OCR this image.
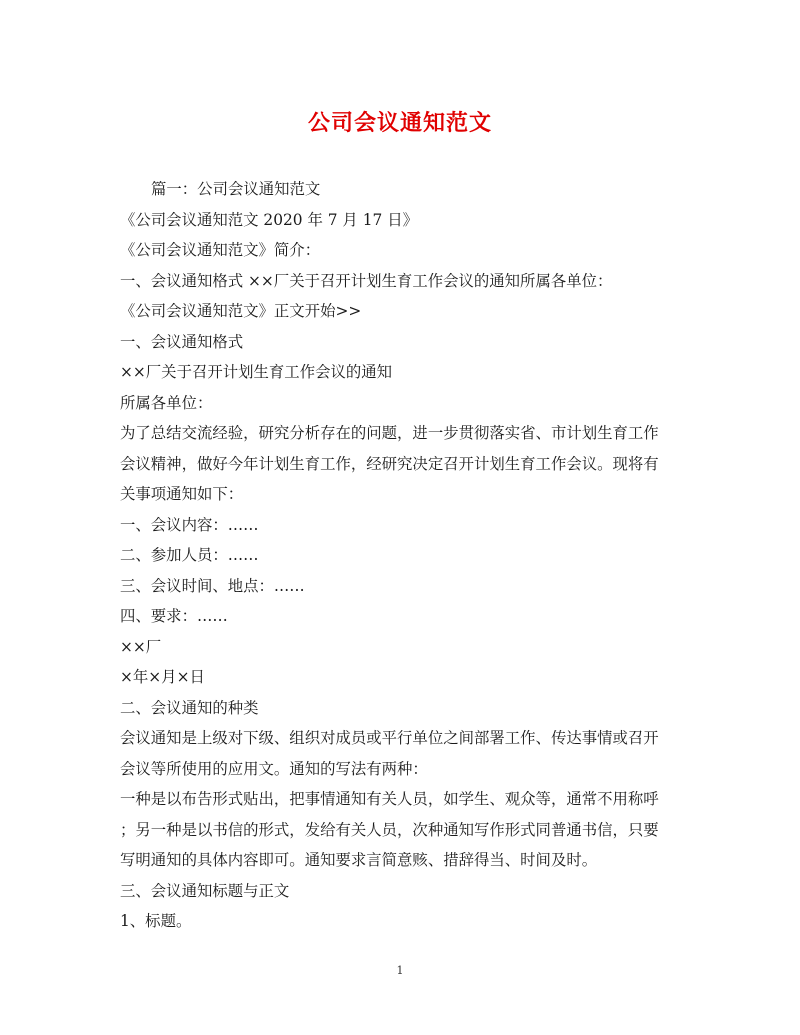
公司会议通知范文
篇一：公司会议通知范文
《公司会议通知范文 2020 年 7 月 17 日》
《公司会议通知范文》简介：
一、会议通知格式 ××厂关于召开计划生育工作会议的通知所属各单位：
《公司会议通知范文》正文开始>>
一、会议通知格式
××厂关于召开计划生育工作会议的通知
所属各单位：
为了总结交流经验，研究分析存在的问题，进一步贯彻落实省、市计划生育工作
会议精神，做好今年计划生育工作，经研究决定召开计划生育工作会议。现将有
关事项通知如下：
一、会议内容：……
二、参加人员：……
三、会议时间、地点：……
四、要求：……
××厂
×年×月×日
二、会议通知的种类
会议通知是上级对下级、组织对成员或平行单位之间部署工作、传达事情或召开
会议等所使用的应用文。通知的写法有两种：
一种是以布告形式贴出，把事情通知有关人员，如学生、观众等，通常不用称呼
；另一种是以书信的形式，发给有关人员，次种通知写作形式同普通书信，只要
写明通知的具体内容即可。通知要求言简意赅、措辞得当、时间及时。
三、会议通知标题与正文
1、标题。
1
